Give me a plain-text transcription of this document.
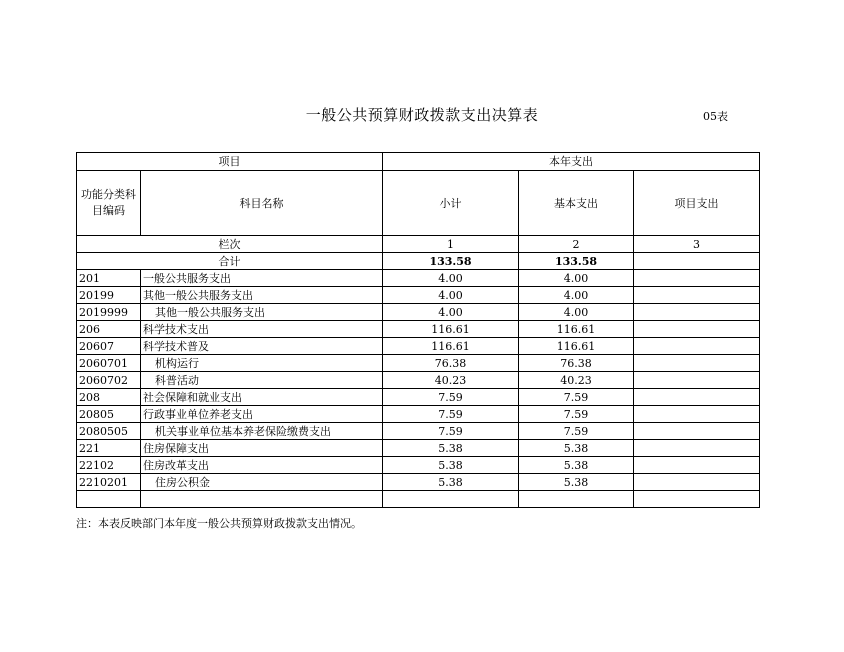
一般公共预算财政拨款支出决算表	05表
项目		本年支出		
功能分类科目编码	科目名称	小计	基本支出	项目支出
栏次		1	2	3
合计		133.58	133.58	
201	一般公共服务支出	4.00	4.00	
20199	其他一般公共服务支出	4.00	4.00	
2019999	其他一般公共服务支出	4.00	4.00	
206	科学技术支出	116.61	116.61	
20607	科学技术普及	116.61	116.61	
2060701	机构运行	76.38	76.38	
2060702	科普活动	40.23	40.23	
208	社会保障和就业支出	7.59	7.59	
20805	行政事业单位养老支出	7.59	7.59	
2080505	机关事业单位基本养老保险缴费支出	7.59	7.59	
221	住房保障支出	5.38	5.38	
22102	住房改革支出	5.38	5.38	
2210201	住房公积金	5.38	5.38	

注：本表反映部门本年度一般公共预算财政拨款支出情况。
